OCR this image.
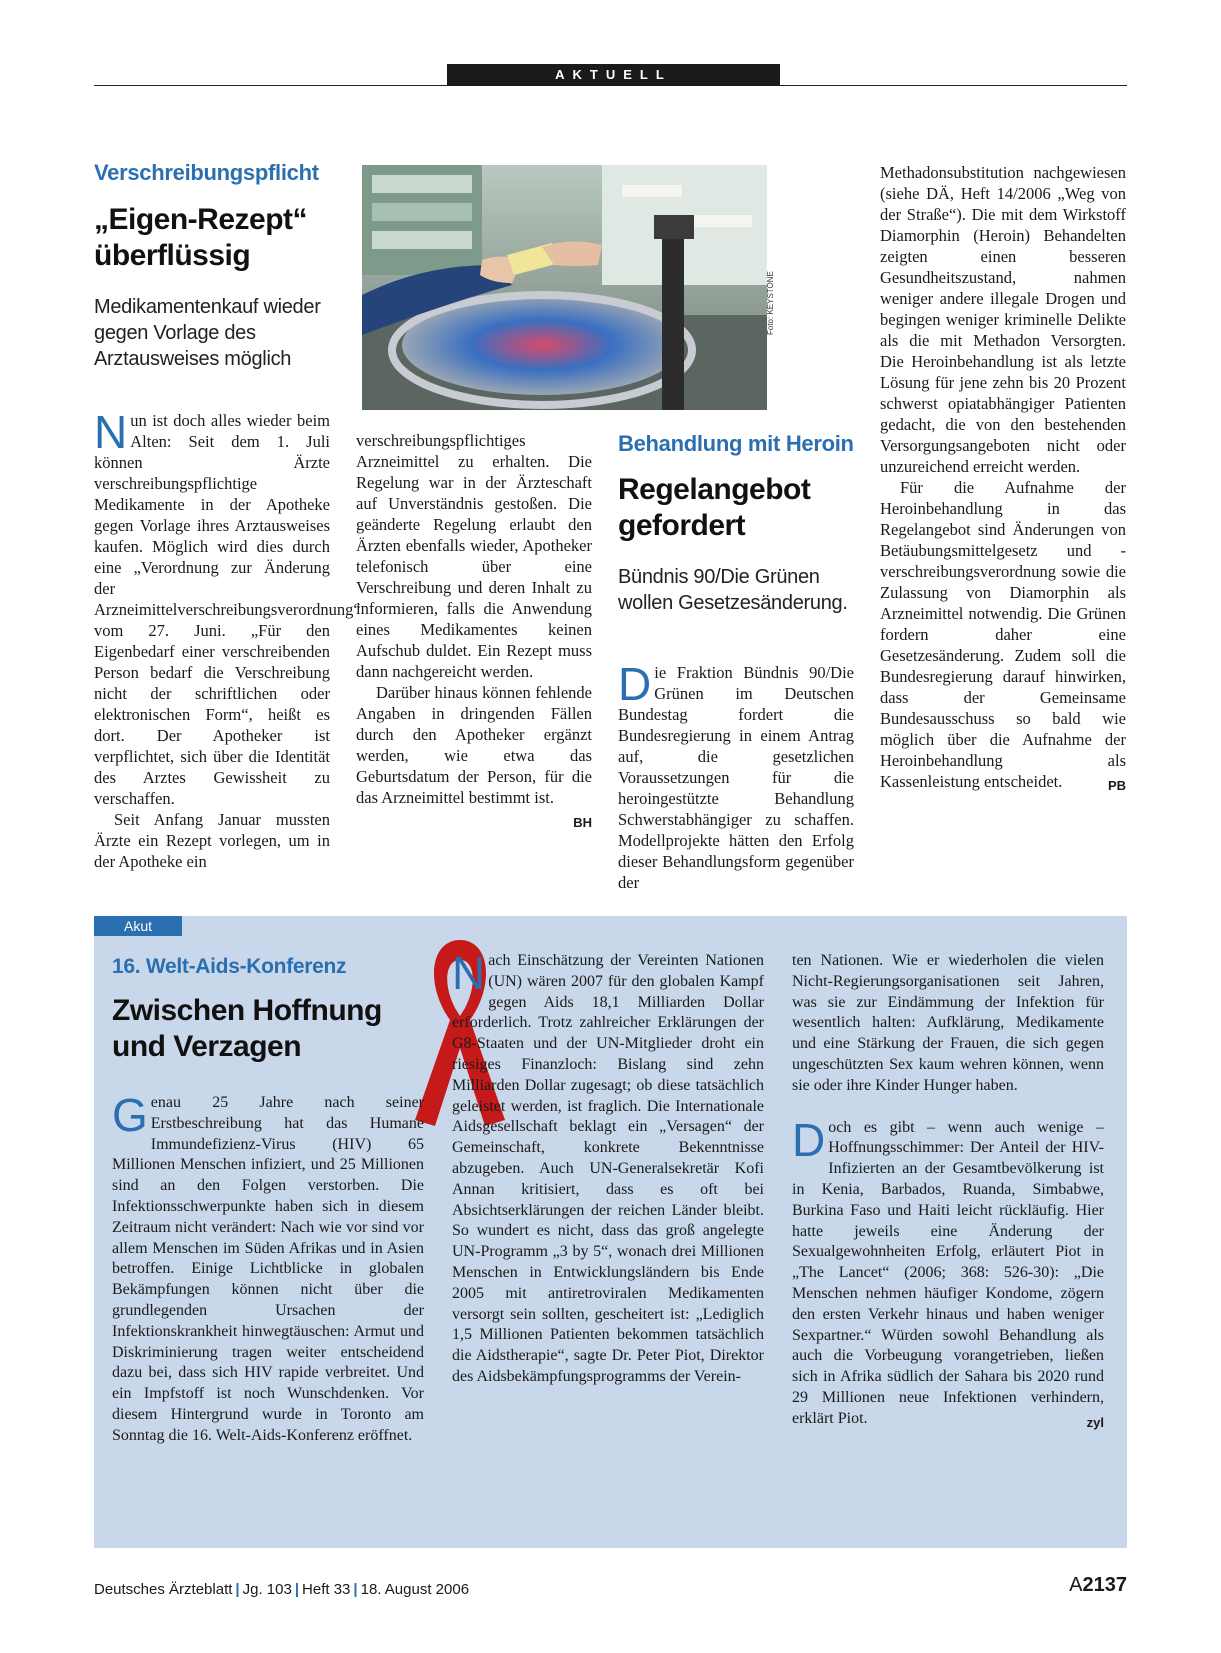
AKTUELL
Verschreibungspflicht
„Eigen-Rezept“ überflüssig
Medikamentenkauf wieder gegen Vorlage des Arztausweises möglich
Foto: KEYSTONE

Nun ist doch alles wieder beim Alten: Seit dem 1. Juli können Ärzte verschreibungspflichtige Medikamente in der Apotheke gegen Vorlage ihres Arztausweises kaufen. Möglich wird dies durch eine „Verordnung zur Änderung der Arzneimittelverschreibungsverordnung“ vom 27. Juni. „Für den Eigenbedarf einer verschreibenden Person bedarf die Verschreibung nicht der schriftlichen oder elektronischen Form“, heißt es dort. Der Apotheker ist verpflichtet, sich über die Identität des Arztes Gewissheit zu verschaffen.

Seit Anfang Januar mussten Ärzte ein Rezept vorlegen, um in der Apotheke ein

verschreibungspflichtiges Arzneimittel zu erhalten. Die Regelung war in der Ärzteschaft auf Unverständnis gestoßen. Die geänderte Regelung erlaubt den Ärzten ebenfalls wieder, Apotheker telefonisch über eine Verschreibung und deren Inhalt zu informieren, falls die Anwendung eines Medikamentes keinen Aufschub duldet. Ein Rezept muss dann nachgereicht werden.

Darüber hinaus können fehlende Angaben in dringenden Fällen durch den Apotheker ergänzt werden, wie etwa das Geburtsdatum der Person, für die das Arzneimittel bestimmt ist.
BH

Behandlung mit Heroin
Regelangebot gefordert
Bündnis 90/Die Grünen wollen Gesetzesänderung.

Die Fraktion Bündnis 90/Die Grünen im Deutschen Bundestag fordert die Bundesregierung in einem Antrag auf, die gesetzlichen Voraussetzungen für die heroingestützte Behandlung Schwerstabhängiger zu schaffen. Modellprojekte hätten den Erfolg dieser Behandlungsform gegenüber der

Methadonsubstitution nachgewiesen (siehe DÄ, Heft 14/2006 „Weg von der Straße“). Die mit dem Wirkstoff Diamorphin (Heroin) Behandelten zeigten einen besseren Gesundheitszustand, nahmen weniger andere illegale Drogen und begingen weniger kriminelle Delikte als die mit Methadon Versorgten. Die Heroinbehandlung ist als letzte Lösung für jene zehn bis 20 Prozent schwerst opiatabhängiger Patienten gedacht, die von den bestehenden Versorgungsangeboten nicht oder unzureichend erreicht werden.

Für die Aufnahme der Heroinbehandlung in das Regelangebot sind Änderungen von Betäubungsmittelgesetz und -verschreibungsverordnung sowie die Zulassung von Diamorphin als Arzneimittel notwendig. Die Grünen fordern daher eine Gesetzesänderung. Zudem soll die Bundesregierung darauf hinwirken, dass der Gemeinsame Bundesausschuss so bald wie möglich über die Aufnahme der Heroinbehandlung als Kassenleistung entscheidet.	PB

Akut
16. Welt-Aids-Konferenz
Zwischen Hoffnung und Verzagen

Genau 25 Jahre nach seiner Erstbeschreibung hat das Humane Immundefizienz-Virus (HIV) 65 Millionen Menschen infiziert, und 25 Millionen sind an den Folgen verstorben. Die Infektionsschwerpunkte haben sich in diesem Zeitraum nicht verändert: Nach wie vor sind vor allem Menschen im Süden Afrikas und in Asien betroffen. Einige Lichtblicke in globalen Bekämpfungen können nicht über die grundlegenden Ursachen der Infektionskrankheit hinwegtäuschen: Armut und Diskriminierung tragen weiter entscheidend dazu bei, dass sich HIV rapide verbreitet. Und ein Impfstoff ist noch Wunschdenken. Vor diesem Hintergrund wurde in Toronto am Sonntag die 16. Welt-Aids-Konferenz eröffnet.

Nach Einschätzung der Vereinten Nationen (UN) wären 2007 für den globalen Kampf gegen Aids 18,1 Milliarden Dollar erforderlich. Trotz zahlreicher Erklärungen der G8-Staaten und der UN-Mitglieder droht ein riesiges Finanzloch: Bislang sind zehn Milliarden Dollar zugesagt; ob diese tatsächlich geleistet werden, ist fraglich. Die Internationale Aidsgesellschaft beklagt ein „Versagen“ der Gemeinschaft, konkrete Bekenntnisse abzugeben. Auch UN-Generalsekretär Kofi Annan kritisiert, dass es oft bei Absichtserklärungen der reichen Länder bleibt. So wundert es nicht, dass das groß angelegte UN-Programm „3 by 5“, wonach drei Millionen Menschen in Entwicklungsländern bis Ende 2005 mit antiretroviralen Medikamenten versorgt sein sollten, gescheitert ist: „Lediglich 1,5 Millionen Patienten bekommen tatsächlich die Aidstherapie“, sagte Dr. Peter Piot, Direktor des Aidsbekämpfungsprogramms der Verein-

ten Nationen. Wie er wiederholen die vielen Nicht-Regierungsorganisationen seit Jahren, was sie zur Eindämmung der Infektion für wesentlich halten: Aufklärung, Medikamente und eine Stärkung der Frauen, die sich gegen ungeschützten Sex kaum wehren können, wenn sie oder ihre Kinder Hunger haben.

Doch es gibt – wenn auch wenige – Hoffnungsschimmer: Der Anteil der HIV-Infizierten an der Gesamtbevölkerung ist in Kenia, Barbados, Ruanda, Simbabwe, Burkina Faso und Haiti leicht rückläufig. Hier hatte jeweils eine Änderung der Sexualgewohnheiten Erfolg, erläutert Piot in „The Lancet“ (2006; 368: 526-30): „Die Menschen nehmen häufiger Kondome, zögern den ersten Verkehr hinaus und haben weniger Sexpartner.“ Würden sowohl Behandlung als auch die Vorbeugung vorangetrieben, ließen sich in Afrika südlich der Sahara bis 2020 rund 29 Millionen neue Infektionen verhindern, erklärt Piot.	zyl

Deutsches Ärzteblatt | Jg. 103 | Heft 33 | 18. August 2006	A2137
